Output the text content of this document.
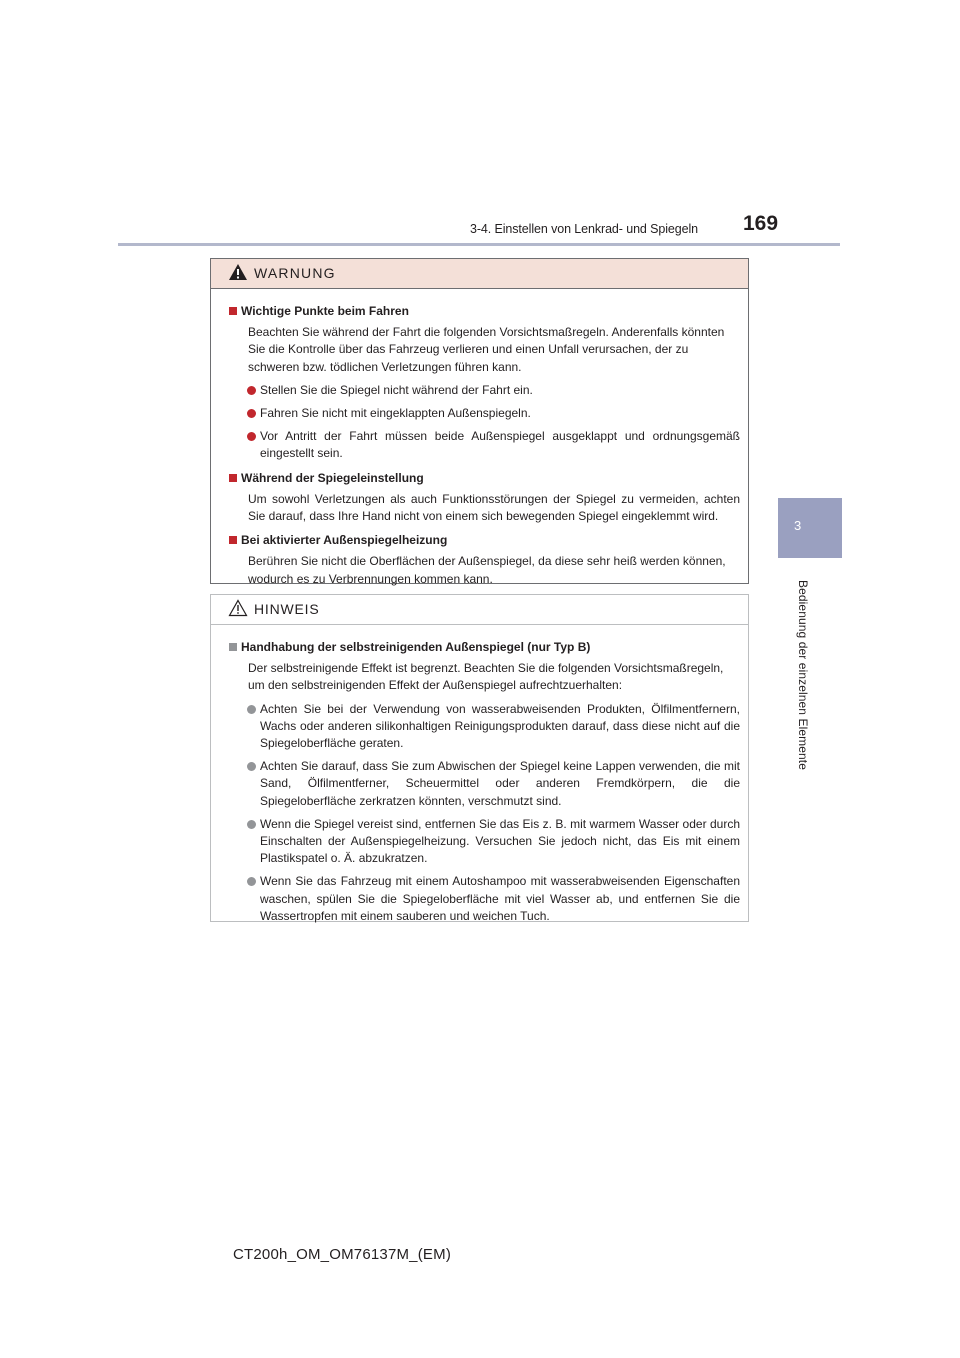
3-4. Einstellen von Lenkrad- und Spiegeln 169
3
Bedienung der einzelnen Elemente
WARNUNG
Wichtige Punkte beim Fahren
Beachten Sie während der Fahrt die folgenden Vorsichtsmaßregeln. Anderenfalls könnten Sie die Kontrolle über das Fahrzeug verlieren und einen Unfall verursachen, der zu schweren bzw. tödlichen Verletzungen führen kann.
Stellen Sie die Spiegel nicht während der Fahrt ein.
Fahren Sie nicht mit eingeklappten Außenspiegeln.
Vor Antritt der Fahrt müssen beide Außenspiegel ausgeklappt und ordnungsgemäß eingestellt sein.
Während der Spiegeleinstellung
Um sowohl Verletzungen als auch Funktionsstörungen der Spiegel zu vermeiden, achten Sie darauf, dass Ihre Hand nicht von einem sich bewegenden Spiegel eingeklemmt wird.
Bei aktivierter Außenspiegelheizung
Berühren Sie nicht die Oberflächen der Außenspiegel, da diese sehr heiß werden können, wodurch es zu Verbrennungen kommen kann.
HINWEIS
Handhabung der selbstreinigenden Außenspiegel (nur Typ B)
Der selbstreinigende Effekt ist begrenzt. Beachten Sie die folgenden Vorsichtsmaßregeln, um den selbstreinigenden Effekt der Außenspiegel aufrechtzuerhalten:
Achten Sie bei der Verwendung von wasserabweisenden Produkten, Ölfilmentfernern, Wachs oder anderen silikonhaltigen Reinigungsprodukten darauf, dass diese nicht auf die Spiegeloberfläche geraten.
Achten Sie darauf, dass Sie zum Abwischen der Spiegel keine Lappen verwenden, die mit Sand, Ölfilmentferner, Scheuermittel oder anderen Fremdkörpern, die die Spiegeloberfläche zerkratzen könnten, verschmutzt sind.
Wenn die Spiegel vereist sind, entfernen Sie das Eis z. B. mit warmem Wasser oder durch Einschalten der Außenspiegelheizung. Versuchen Sie jedoch nicht, das Eis mit einem Plastikspatel o. Ä. abzukratzen.
Wenn Sie das Fahrzeug mit einem Autoshampoo mit wasserabweisenden Eigenschaften waschen, spülen Sie die Spiegeloberfläche mit viel Wasser ab, und entfernen Sie die Wassertropfen mit einem sauberen und weichen Tuch.
CT200h_OM_OM76137M_(EM)
